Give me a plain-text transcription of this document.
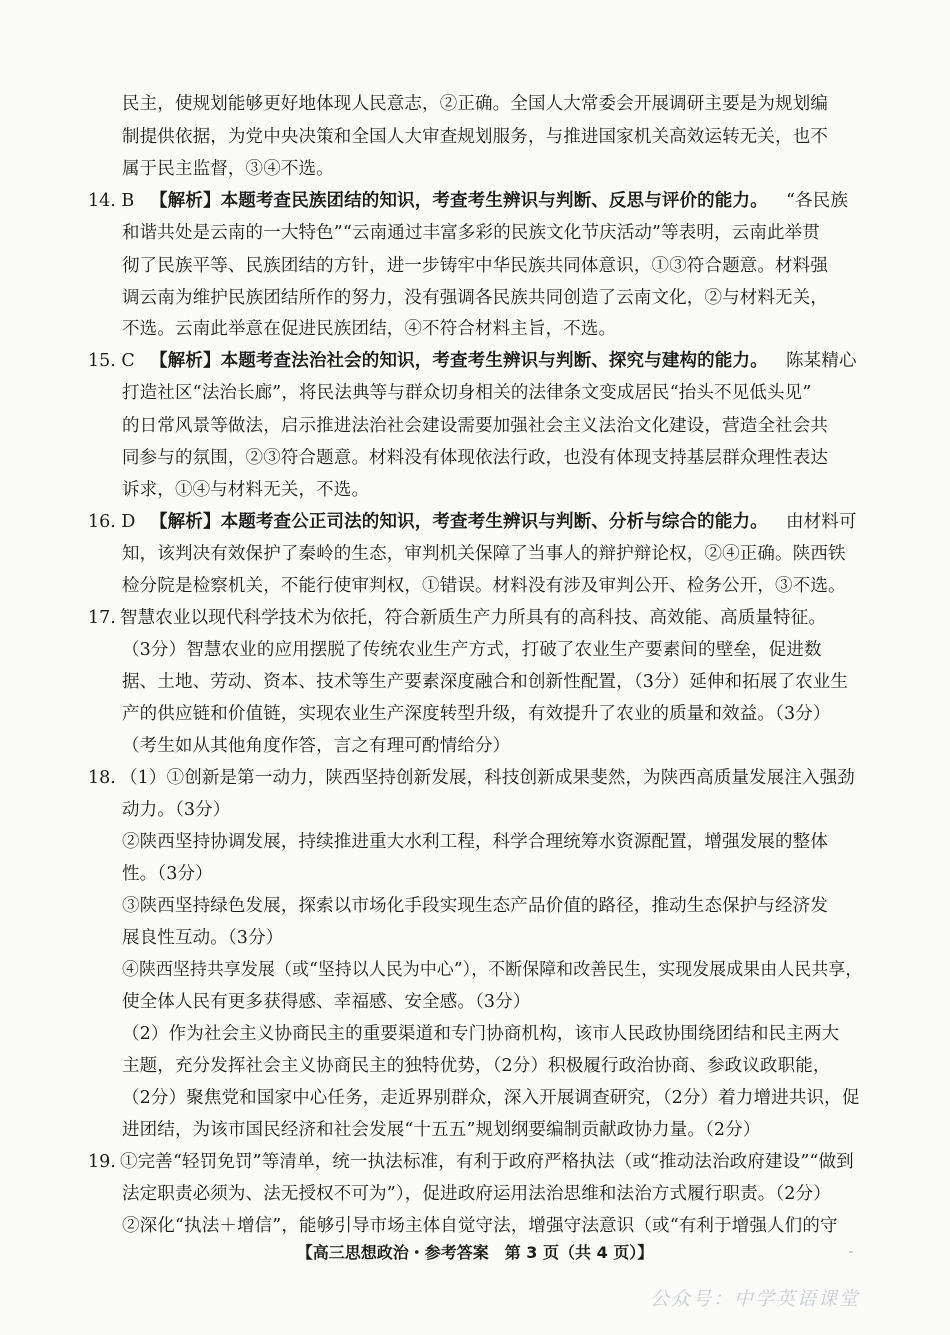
民主，使规划能够更好地体现人民意志，②正确。全国人大常委会开展调研主要是为规划编
制提供依据，为党中央决策和全国人大审查规划服务，与推进国家机关高效运转无关，也不
属于民主监督，③④不选。
14. B 【解析】本题考查民族团结的知识，考查考生辨识与判断、反思与评价的能力。 “各民族
和谐共处是云南的一大特色”“云南通过丰富多彩的民族文化节庆活动”等表明，云南此举贯
彻了民族平等、民族团结的方针，进一步铸牢中华民族共同体意识，①③符合题意。材料强
调云南为维护民族团结所作的努力，没有强调各民族共同创造了云南文化，②与材料无关，
不选。云南此举意在促进民族团结，④不符合材料主旨，不选。
15. C 【解析】本题考查法治社会的知识，考查考生辨识与判断、探究与建构的能力。 陈某精心
打造社区“法治长廊”，将民法典等与群众切身相关的法律条文变成居民“抬头不见低头见”
的日常风景等做法，启示推进法治社会建设需要加强社会主义法治文化建设，营造全社会共
同参与的氛围，②③符合题意。材料没有体现依法行政，也没有体现支持基层群众理性表达
诉求，①④与材料无关，不选。
16. D 【解析】本题考查公正司法的知识，考查考生辨识与判断、分析与综合的能力。 由材料可
知，该判决有效保护了秦岭的生态，审判机关保障了当事人的辩护辩论权，②④正确。陕西铁
检分院是检察机关，不能行使审判权，①错误。材料没有涉及审判公开、检务公开，③不选。
17. 智慧农业以现代科学技术为依托，符合新质生产力所具有的高科技、高效能、高质量特征。
（3分）智慧农业的应用摆脱了传统农业生产方式，打破了农业生产要素间的壁垒，促进数
据、土地、劳动、资本、技术等生产要素深度融合和创新性配置，（3分）延伸和拓展了农业生
产的供应链和价值链，实现农业生产深度转型升级，有效提升了农业的质量和效益。（3分）
（考生如从其他角度作答，言之有理可酌情给分）
18. （1）①创新是第一动力，陕西坚持创新发展，科技创新成果斐然，为陕西高质量发展注入强劲
动力。（3分）
②陕西坚持协调发展，持续推进重大水利工程，科学合理统筹水资源配置，增强发展的整体
性。（3分）
③陕西坚持绿色发展，探索以市场化手段实现生态产品价值的路径，推动生态保护与经济发
展良性互动。（3分）
④陕西坚持共享发展（或“坚持以人民为中心”），不断保障和改善民生，实现发展成果由人民共享，
使全体人民有更多获得感、幸福感、安全感。（3分）
（2）作为社会主义协商民主的重要渠道和专门协商机构，该市人民政协围绕团结和民主两大
主题，充分发挥社会主义协商民主的独特优势，（2分）积极履行政治协商、参政议政职能，
（2分）聚焦党和国家中心任务，走近界别群众，深入开展调查研究，（2分）着力增进共识，促
进团结，为该市国民经济和社会发展“十五五”规划纲要编制贡献政协力量。（2分）
19. ①完善“轻罚免罚”等清单，统一执法标准，有利于政府严格执法（或“推动法治政府建设”“做到
法定职责必须为、法无授权不可为”），促进政府运用法治思维和法治方式履行职责。（2分）
②深化“执法＋增信”，能够引导市场主体自觉守法，增强守法意识（或“有利于增强人们的守
【高三思想政治・参考答案　第 3 页（共 4 页）】
公众号：中学英语课堂
